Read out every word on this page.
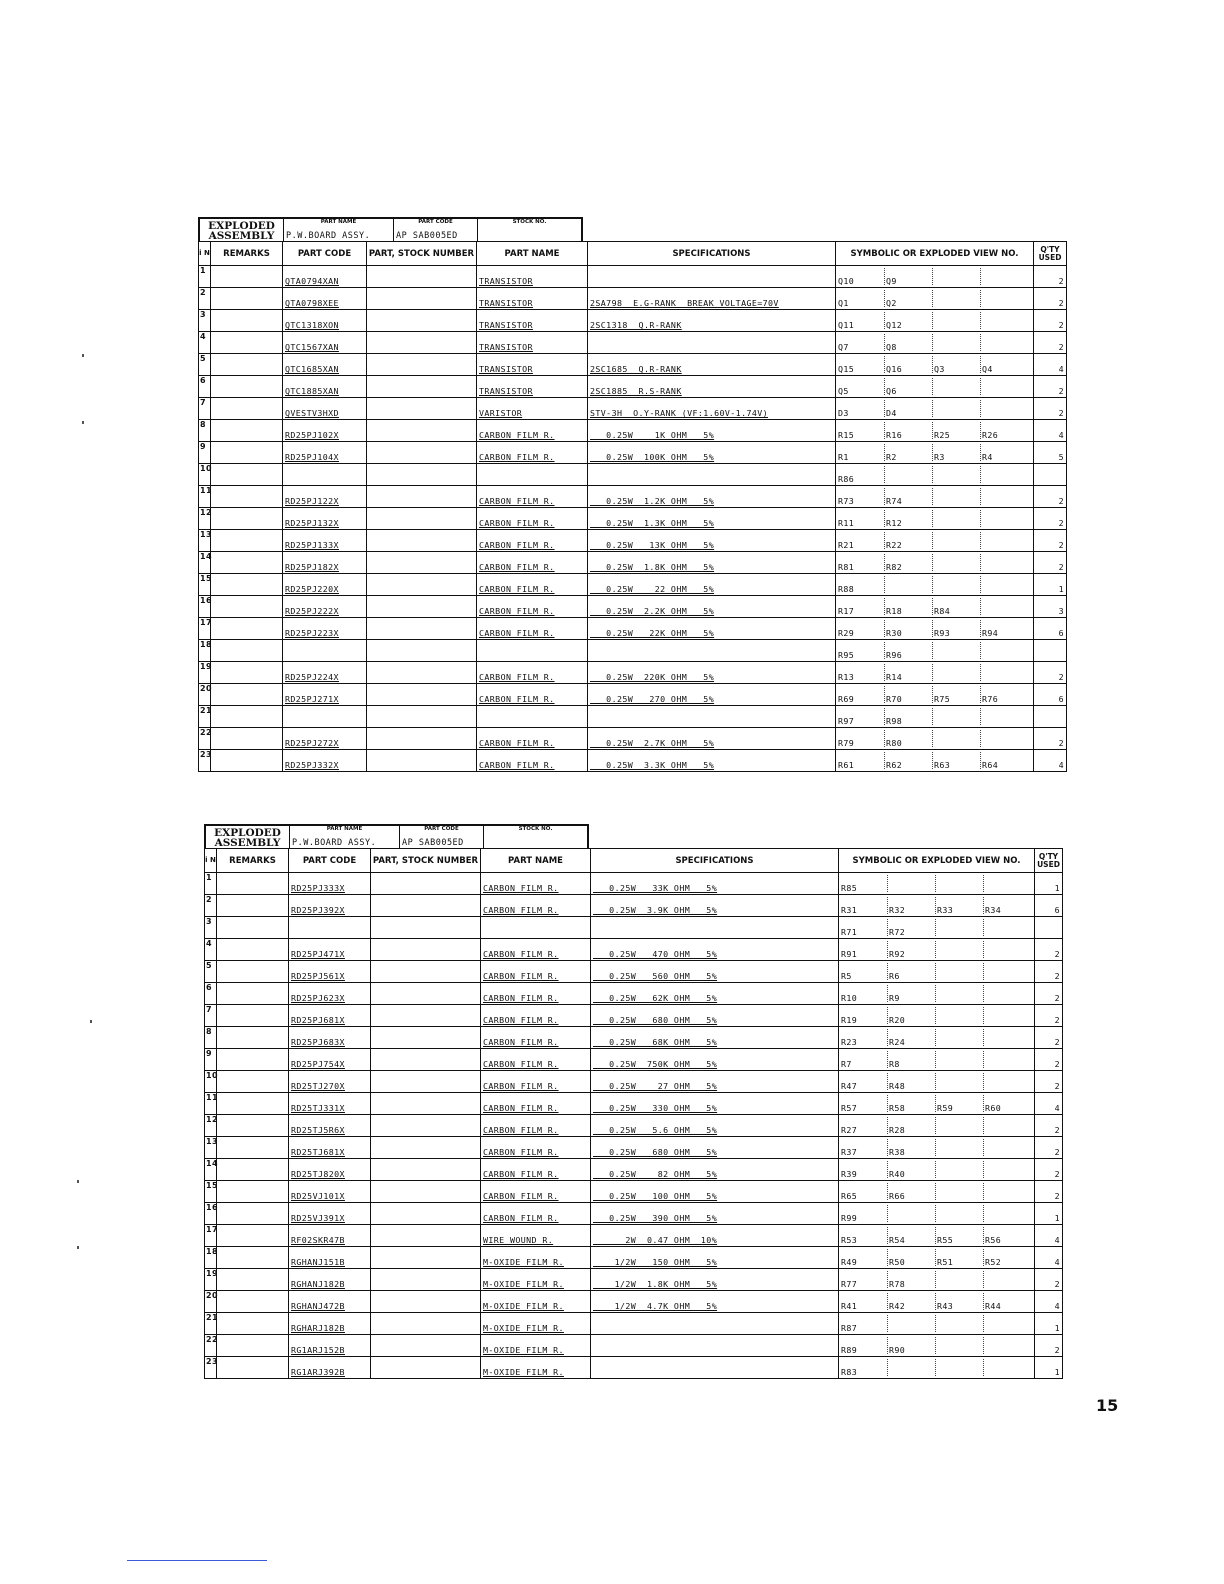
EXPLODED ASSEMBLY
PART NAME
P.W.BOARD ASSY.
PART CODE
AP SAB005ED
STOCK NO.
i N	REMARKS	PART CODE	PART, STOCK NUMBER	PART NAME	SPECIFICATIONS	SYMBOLIC OR EXPLODED VIEW NO.	Q'TY USED
1		QTA0794XAN		TRANSISTOR		Q10 Q9	2
2		QTA0798XEE		TRANSISTOR	2SA798  E.G-RANK  BREAK VOLTAGE=70V	Q1 Q2	2
3		QTC1318XON		TRANSISTOR	2SC1318  Q.R-RANK	Q11 Q12	2
4		QTC1567XAN		TRANSISTOR		Q7 Q8	2
5		QTC1685XAN		TRANSISTOR	2SC1685  Q.R-RANK	Q15 Q16 Q3 Q4	4
6		QTC1885XAN		TRANSISTOR	2SC1885  R.S-RANK	Q5 Q6	2
7		QVESTV3HXD		VARISTOR	STV-3H  O.Y-RANK (VF:1.60V-1.74V)	D3 D4	2
8		RD25PJ102X		CARBON FILM R.	0.25W    1K OHM   5%	R15 R16 R25 R26	4
9		RD25PJ104X		CARBON FILM R.	0.25W  100K OHM   5%	R1 R2 R3 R4	5
10						R86	

11		RD25PJ122X		CARBON FILM R.	0.25W  1.2K OHM   5%	R73 R74	2
12		RD25PJ132X		CARBON FILM R.	0.25W  1.3K OHM   5%	R11 R12	2
13		RD25PJ133X		CARBON FILM R.	0.25W   13K OHM   5%	R21 R22	2
14		RD25PJ182X		CARBON FILM R.	0.25W  1.8K OHM   5%	R81 R82	2
15		RD25PJ220X		CARBON FILM R.	0.25W    22 OHM   5%	R88	1
16		RD25PJ222X		CARBON FILM R.	0.25W  2.2K OHM   5%	R17 R18 R84	3
17		RD25PJ223X		CARBON FILM R.	0.25W   22K OHM   5%	R29 R30 R93 R94	6
18						R95 R96	

19		RD25PJ224X		CARBON FILM R.	0.25W  220K OHM   5%	R13 R14	2
20		RD25PJ271X		CARBON FILM R.	0.25W   270 OHM   5%	R69 R70 R75 R76	6
21						R97 R98	

22		RD25PJ272X		CARBON FILM R.	0.25W  2.7K OHM   5%	R79 R80	2
23		RD25PJ332X		CARBON FILM R.	0.25W  3.3K OHM   5%	R61 R62 R63 R64	4
EXPLODED ASSEMBLY
PART NAME
P.W.BOARD ASSY.
PART CODE
AP SAB005ED
STOCK NO.
i N	REMARKS	PART CODE	PART, STOCK NUMBER	PART NAME	SPECIFICATIONS	SYMBOLIC OR EXPLODED VIEW NO.	Q'TY USED
1		RD25PJ333X		CARBON FILM R.	0.25W   33K OHM   5%	R85	1
2		RD25PJ392X		CARBON FILM R.	0.25W  3.9K OHM   5%	R31 R32 R33 R34	6
3						R71 R72	

4		RD25PJ471X		CARBON FILM R.	0.25W   470 OHM   5%	R91 R92	2
5		RD25PJ561X		CARBON FILM R.	0.25W   560 OHM   5%	R5 R6	2
6		RD25PJ623X		CARBON FILM R.	0.25W   62K OHM   5%	R10 R9	2
7		RD25PJ681X		CARBON FILM R.	0.25W   680 OHM   5%	R19 R20	2
8		RD25PJ683X		CARBON FILM R.	0.25W   68K OHM   5%	R23 R24	2
9		RD25PJ754X		CARBON FILM R.	0.25W  750K OHM   5%	R7 R8	2
10		RD25TJ270X		CARBON FILM R.	0.25W    27 OHM   5%	R47 R48	2
11		RD25TJ331X		CARBON FILM R.	0.25W   330 OHM   5%	R57 R58 R59 R60	4
12		RD25TJ5R6X		CARBON FILM R.	0.25W   5.6 OHM   5%	R27 R28	2
13		RD25TJ681X		CARBON FILM R.	0.25W   680 OHM   5%	R37 R38	2
14		RD25TJ820X		CARBON FILM R.	0.25W    82 OHM   5%	R39 R40	2
15		RD25VJ101X		CARBON FILM R.	0.25W   100 OHM   5%	R65 R66	2
16		RD25VJ391X		CARBON FILM R.	0.25W   390 OHM   5%	R99	1
17		RF02SKR47B		WIRE WOUND R.	2W  0.47 OHM  10%	R53 R54 R55 R56	4
18		RGHANJ151B		M-OXIDE FILM R.	1/2W   150 OHM   5%	R49 R50 R51 R52	4
19		RGHANJ182B		M-OXIDE FILM R.	1/2W  1.8K OHM   5%	R77 R78	2
20		RGHANJ472B		M-OXIDE FILM R.	1/2W  4.7K OHM   5%	R41 R42 R43 R44	4
21		RGHARJ182B		M-OXIDE FILM R.		R87	1
22		RG1ARJ152B		M-OXIDE FILM R.		R89 R90	2
23		RG1ARJ392B		M-OXIDE FILM R.		R83	1
15
